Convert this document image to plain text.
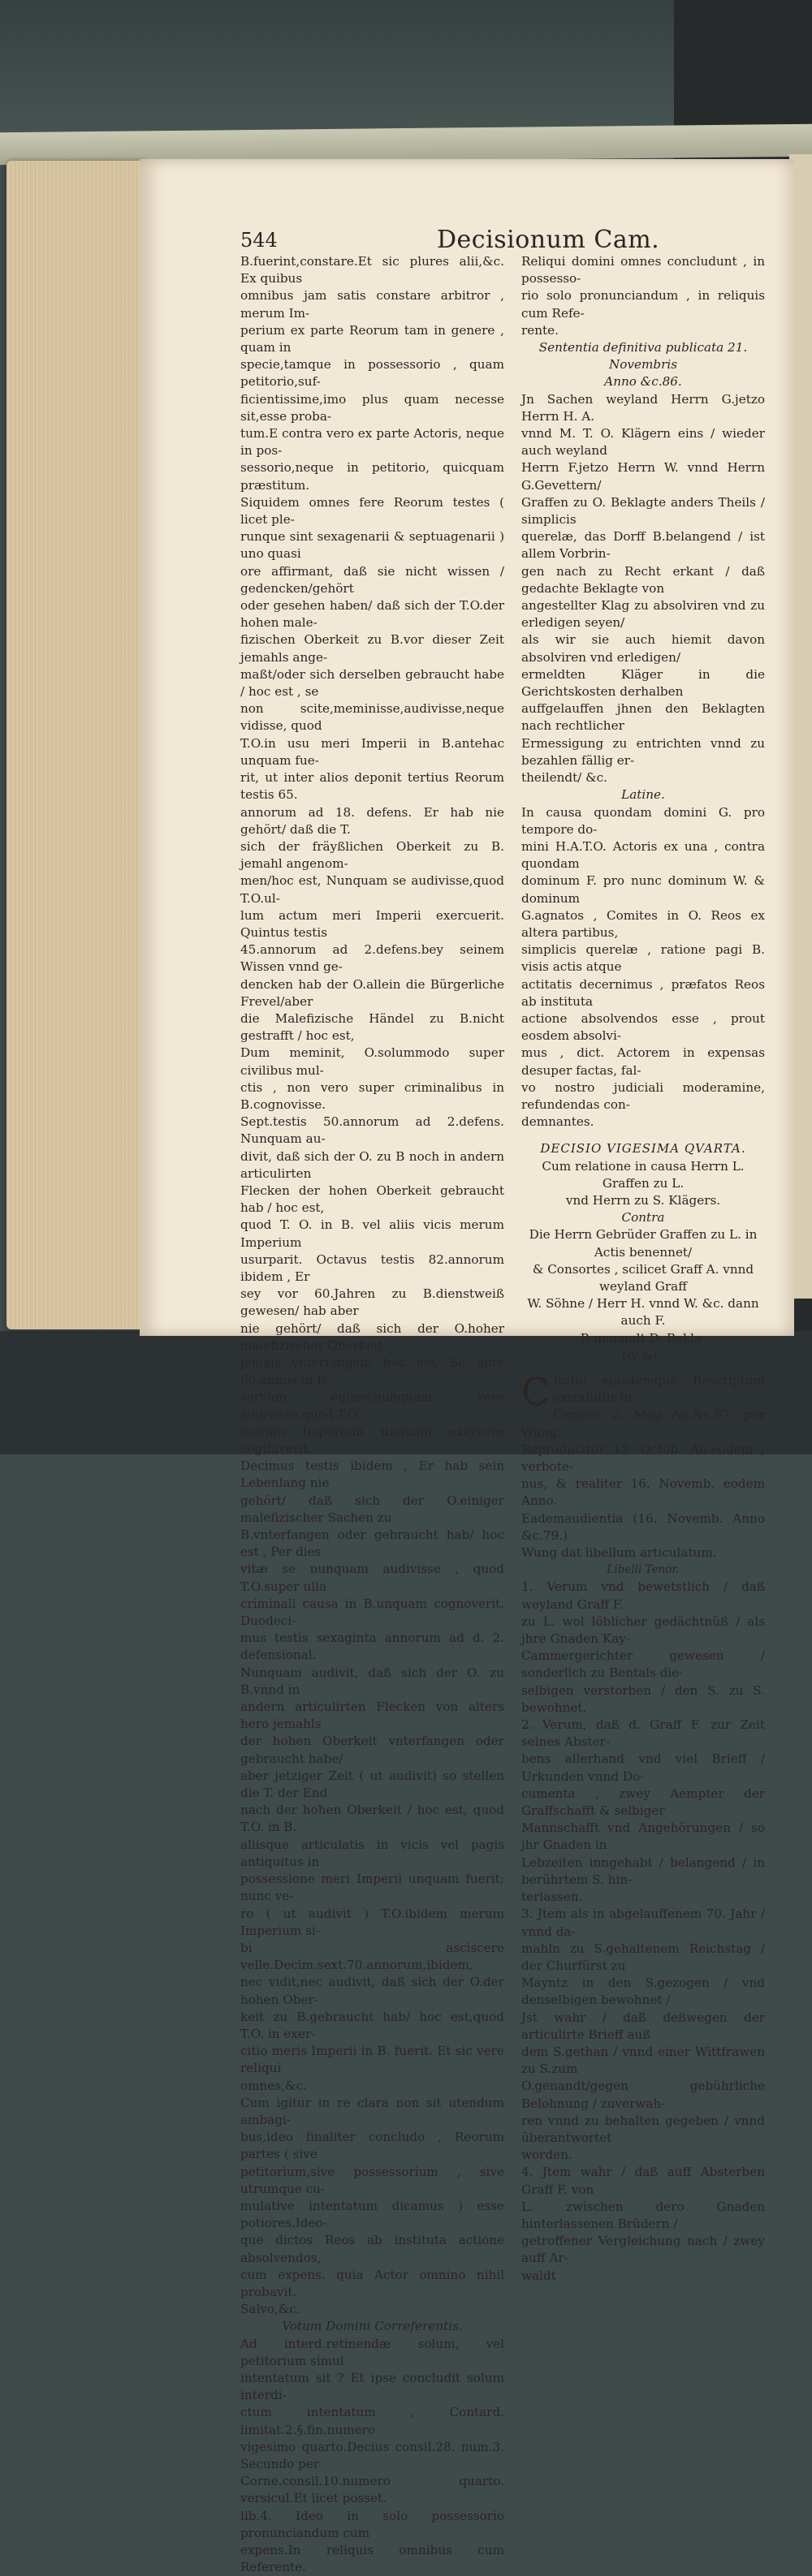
544	Decisionum Cam.

B.fuerint,constare.Et sic plures alii,&c. Ex quibus

omnibus jam satis constare arbitror , merum Im-

perium ex parte Reorum tam in genere , quam in

specie,tamque in possessorio , quam petitorio,suf-

ficientissime,imo plus quam necesse sit,esse proba-

tum.E contra vero ex parte Actoris, neque in pos-

sessorio,neque in petitorio, quicquam præstitum.

Siquidem omnes fere Reorum testes ( licet ple-

runque sint sexagenarii & septuagenarii ) uno quasi

ore affirmant, daß sie nicht wissen / gedencken/gehört

oder gesehen haben/ daß sich der T.O.der hohen male-

fizischen Oberkeit zu B.vor dieser Zeit jemahls ange-

maßt/oder sich derselben gebraucht habe / hoc est , se

non scite,meminisse,audivisse,neque vidisse, quod

T.O.in usu meri Imperii in B.antehac unquam fue-

rit, ut inter alios deponit tertius Reorum testis 65.

annorum ad 18. defens. Er hab nie gehört/ daß die T.

sich der fräyßlichen Oberkeit zu B. jemahl angenom-

men/hoc est, Nunquam se audivisse,quod T.O.ul-

lum actum meri Imperii exercuerit. Quintus testis

45.annorum ad 2.defens.bey seinem Wissen vnnd ge-

dencken hab der O.allein die Bürgerliche Frevel/aber

die Malefizische Händel zu B.nicht gestrafft / hoc est,

Dum meminit, O.solummodo super civilibus mul-

ctis , non vero super criminalibus in B.cognovisse.

Sept.testis 50.annorum ad 2.defens. Nunquam au-

divit, daß sich der O. zu B noch in andern articulirten

Flecken der hohen Oberkeit gebraucht hab / hoc est,

quod T. O. in B. vel aliis vicis merum Imperium

usurparit. Octavus testis 82.annorum ibidem , Er

sey vor 60.Jahren zu B.dienstweiß gewesen/ hab aber

nie gehört/ daß sich der O.hoher malefizischer Oberkeit

jemals vnterfangen/ hoc est, Se ante 60.annos in B.

servum egisse,nunquam vero audivisse,quod T.O.

merum Imperium unquam exercere cogitaverit.

Decimus testis ibidem , Er hab sein Lebenlang nie

gehört/ daß sich der O.einiger malefizischer Sachen zu

B.vnterfangen oder gebraucht hab/ hoc est , Per dies

vitæ se nunquam audivisse , quod T.O.super ulla

criminali causa in B.unquam cognoverit. Duodeci-

mus testis sexaginta annorum ad d. 2. defensional.

Nunquam audivit, daß sich der O. zu B.vnnd in

andern articulirten Flecken von alters hero jemahls

der hohen Oberkeit vnterfangen oder gebraucht habe/

aber jetziger Zeit ( ut audivit) so stellen die T. der End

nach der hohen Oberkeit / hoc est, quod T.O. in B.

aliisque articulatis in vicis vel pagis antiquitus in

possessione meri Imperii unquam fuerit; nunc ve-

ro ( ut audivit ) T.O.ibidem merum Imperium si-

bi asciscere velle.Decim.sext.70.annorum,ibidem,

nec vidit,nec audivit, daß sich der O.der hohen Ober-

keit zu B.gebraucht hab/ hoc est,quod T.O. in exer-

citio meris Imperii in B. fuerit. Et sic vere reliqui

omnes,&c.

Cum igitur in re clara non sit utendum ambagi-

bus,ideo finaliter concludo , Reorum partes ( sive

petitorium,sive possessorium , sive utrumque cu-

mulative intentatum dicamus ) esse potiores.Ideo-

que dictos Reos ab instituta actione absolvendos,

cum expens. quia Actor omnino nihil probavit.

Salvo,&c.

Votum Domini Correferentis.

Ad interd.retinendæ solum, vel petitorium simul

intentatum sit ? Et ipse concludit solum interdi-

ctum intentatum , Contard. limitat.2.§.fin.numero

vigesimo quarto.Decius consil.28. num.3. Secundo per

Corne.consil.10.numero quarto. versicul.Et licet posset.

lib.4. Ideo in solo possessorio pronunciandum cum

expens.In reliquis omnibus cum Referente.

Reliqui domini omnes concludunt , in possesso-

rio solo pronunciandum , in reliquis cum Refe-

rente.

Sententia definitiva publicata 21. Novembris

Anno &c.86.

Jn Sachen weyland Herrn G.jetzo Herrn H. A.

vnnd M. T. O. Klägern eins / wieder auch weyland

Herrn F.jetzo Herrn W. vnnd Herrn G.Gevettern/

Graffen zu O. Beklagte anders Theils / simplicis

querelæ, das Dorff B.belangend / ist allem Vorbrin-

gen nach zu Recht erkant / daß gedachte Beklagte von

angestellter Klag zu absolviren vnd zu erledigen seyen/

als wir sie auch hiemit davon absolviren vnd erledigen/

ermeldten Kläger in die Gerichtskosten derhalben

auffgelauffen jhnen den Beklagten nach rechtlicher

Ermessigung zu entrichten vnnd zu bezahlen fällig er-

theilendt/ &c.

Latine.

In causa quondam domini G. pro tempore do-

mini H.A.T.O. Actoris ex una , contra quondam

dominum F. pro nunc dominum W. & dominum

G.agnatos , Comites in O. Reos ex altera partibus,

simplicis querelæ , ratione pagi B. visis actis atque

actitatis decernimus , præfatos Reos ab instituta

actione absolvendos esse , prout eosdem absolvi-

mus , dict. Actorem in expensas desuper factas, fal-

vo nostro judiciali moderamine, refundendas con-

demnantes.

DECISIO VIGESIMA QVARTA.

Cum relatione in causa Herrn L. Graffen zu L.

vnd Herrn zu S. Klägers.

Contra

Die Herrn Gebrüder Graffen zu L. in Actis benennet/

& Consortes , scilicet Graff A. vnnd weyland Graff

W. Söhne / Herr H. vnnd W. &c. dann auch F.

P. genandt D. Bekla-

te/ &c.

C Itatio ejusdemque Rescriptum extrahitur in

Camera 2. Maij An.&c.97. per Wung.

Reproducitur 13. Octob. An.eodem , verbote-

nus, & realiter 16. Novemb. eodem Anno.

Eademaudientia (16. Novemb. Anno &c.79.)

Wung dat libellum articulatum.

Libelli Tenor.

1. Verum vnd bewetstlich / daß weyland Graff F.

zu L. wol löblicher gedächtnüß / als jhre Gnaden Kay-

Cammergerichter gewesen / sonderlich zu Bentals die-

selbigen verstorben / den S. zu S. bewohnet.

2. Verum, daß d. Graff F. zur Zeit seines Abster-

bens allerhand vnd viel Brieff / Urkunden vnnd Do-

cumenta , zwey Aempter der Graffschafft & selbiger

Mannschafft vnd Angehörungen / so jhr Gnaden in

Lebzeiten inngehabt / belangend / in berührtem S. hin-

terlassen.

3. Jtem als in abgelauffenem 70. Jahr / vnnd da-

mahln zu S.gehaltenem Reichstag / der Churfürst zu

Mayntz in den S.gezogen / vnd denselbigen bewohnet /

Jst wahr / daß deßwegen der articulirte Brieff auß

dem S.gethan / vnnd einer Wittfrawen zu S.zum

O.genandt/gegen gebührliche Belohnung / zuverwah-

ren vnnd zu behalten gegeben / vnnd überantwortet

worden.

4. Jtem wahr / daß auff Absterben Graff F. von

L. zwischen dero Gnaden hinterlassenen Brüdern /

getroffener Vergleichung nach / zwey auff Ar-

waldt
